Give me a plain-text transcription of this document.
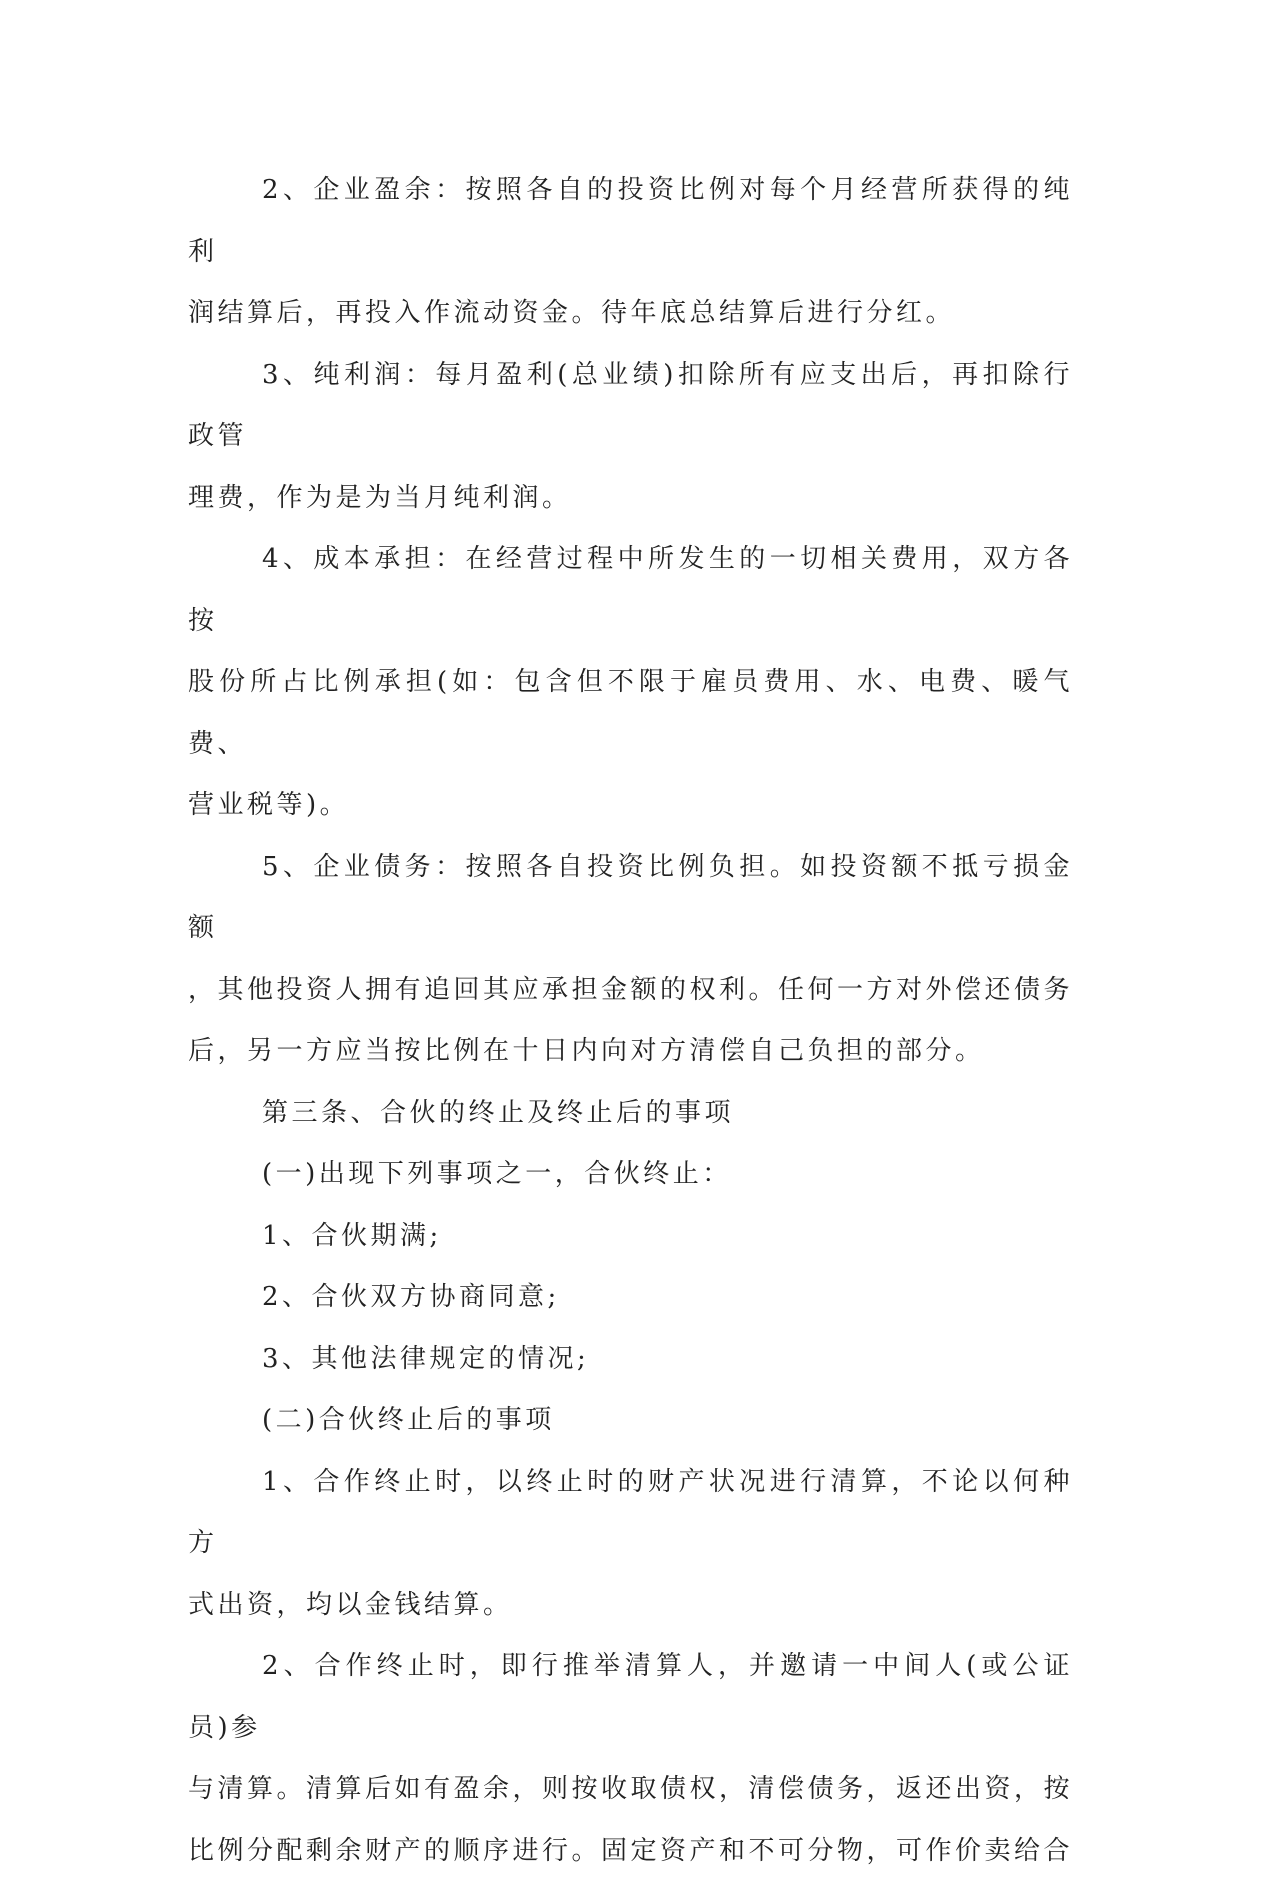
2、企业盈余：按照各自的投资比例对每个月经营所获得的纯利
润结算后，再投入作流动资金。待年底总结算后进行分红。

3、纯利润：每月盈利(总业绩)扣除所有应支出后，再扣除行政管
理费，作为是为当月纯利润。

4、成本承担：在经营过程中所发生的一切相关费用，双方各按
股份所占比例承担(如：包含但不限于雇员费用、水、电费、暖气费、
营业税等)。

5、企业债务：按照各自投资比例负担。如投资额不抵亏损金额
，其他投资人拥有追回其应承担金额的权利。任何一方对外偿还债务
后，另一方应当按比例在十日内向对方清偿自己负担的部分。

第三条、合伙的终止及终止后的事项

(一)出现下列事项之一，合伙终止：

1、合伙期满;

2、合伙双方协商同意;

3、其他法律规定的情况;

(二)合伙终止后的事项

1、合作终止时，以终止时的财产状况进行清算，不论以何种方
式出资，均以金钱结算。

2、合作终止时，即行推举清算人，并邀请一中间人(或公证员)参
与清算。清算后如有盈余，则按收取债权，清偿债务，返还出资，按
比例分配剩余财产的顺序进行。固定资产和不可分物，可作价卖给合
